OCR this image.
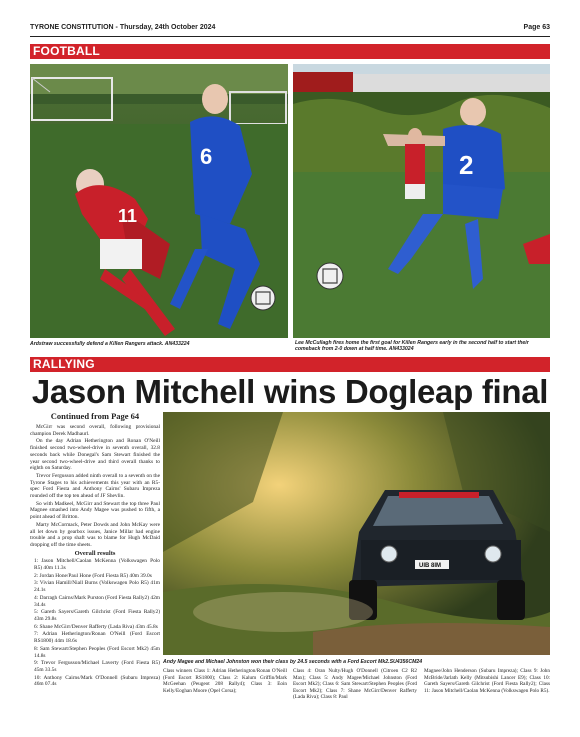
TYRONE CONSTITUTION - Thursday, 24th October 2024	Page 63
FOOTBALL
11
6	2
Ardstraw successfully defend a Killen Rangers attack. AN433224	Lee McCullagh fires home the first goal for Killen Rangers early in the second half to start their comeback from 2-0 down at half time. AN433024
RALLYING
Jason Mitchell wins Dogleap final

Continued from Page 64

McGirr was second overall, following provisional champion Derek Madhaurl.

On the day Adrian Hetherington and Ronan O'Neill finished second two-wheel-drive in seventh overall, 32.8 seconds back while Donegal's Sam Stewart finished the year second two-wheel-drive and third overall thanks to eighth on Saturday.

Trevor Fergusson added ninth overall to a seventh on the Tyrone Stages to his achievements this year with an R5-spec Ford Fiesta and Anthony Cairns' Subaru Impreza rounded off the top ten ahead of JF Shevlin.

So with Madkeel, McGirr and Stewart the top three Paul Magnee smashed into Andy Magee was pushed to fifth, a point ahead of Britton.

Marty McCormack, Peter Dowds and John McKay were all let down by gearbox issues, Janice Millar had engine trouble and a prop shaft was to blame for Hugh McDaid dropping off the time sheets.

Overall results

1: Jason Mitchell/Caolan McKenna (Volkswagen Polo R5) 40m 11.3s

2: Jordan Hone/Paul Hone (Ford Fiesta R5) 40m 39.0s

3: Vivian Hamill/Niall Burns (Volkswagen Polo R5) 41m 24.1s

4: Darragh Cairns/Mark Purston (Ford Fiesta Rally2) 42m 34.4s

5: Gareth Sayers/Gareth Gilchrist (Ford Fiesta Rally2) 43m 29.8s

6: Shane McGirr/Denver Rafferty (Lada Riva) 43m 45.8s

7: Adrian Hetherington/Ronan O'Neill (Ford Escort RS1800) 44m 18.6s

8: Sam Stewart/Stephen Peoples (Ford Escort Mk2) 45m 14.8s

9: Trevor Fergusson/Michael Laverty (Ford Fiesta R5) 45m 33.5s

10: Anthony Cairns/Mark O'Donnell (Subaru Impreza) 46m 07.4s

UIB 8IM
Andy Magee and Michael Johnston won their class by 24.5 seconds with a Ford Escort Mk2.SU4356CM24
Class winners Class 1: Adrian Hetherington/Ronan O'Neill (Ford Escort RS1800); Class 2: Kalum Griffin/Mark McGeehan (Peugeot 208 Rally4); Class 3: Eoin Kelly/Eoghan Moore (Opel Corsa);
Class 4: Oran Nulty/Hugh O'Donnell (Citroen C2 R2 Max); Class 5: Andy Magee/Michael Johnston (Ford Escort Mk2); Class 6: Sam Stewart/Stephen Peoples (Ford Escort Mk2); Class 7: Shane McGirr/Denver Rafferty (Lada Riva); Class 8: Paul
Magnee/John Henderson (Subaru Impreza); Class 9: John McBride/Jarlath Kelly (Mitsubishi Lancer E9); Class 10: Gareth Sayers/Gareth Gilchrist (Ford Fiesta Rally2); Class 11: Jason Mitchell/Caolan McKenna (Volkswagen Polo R5).
